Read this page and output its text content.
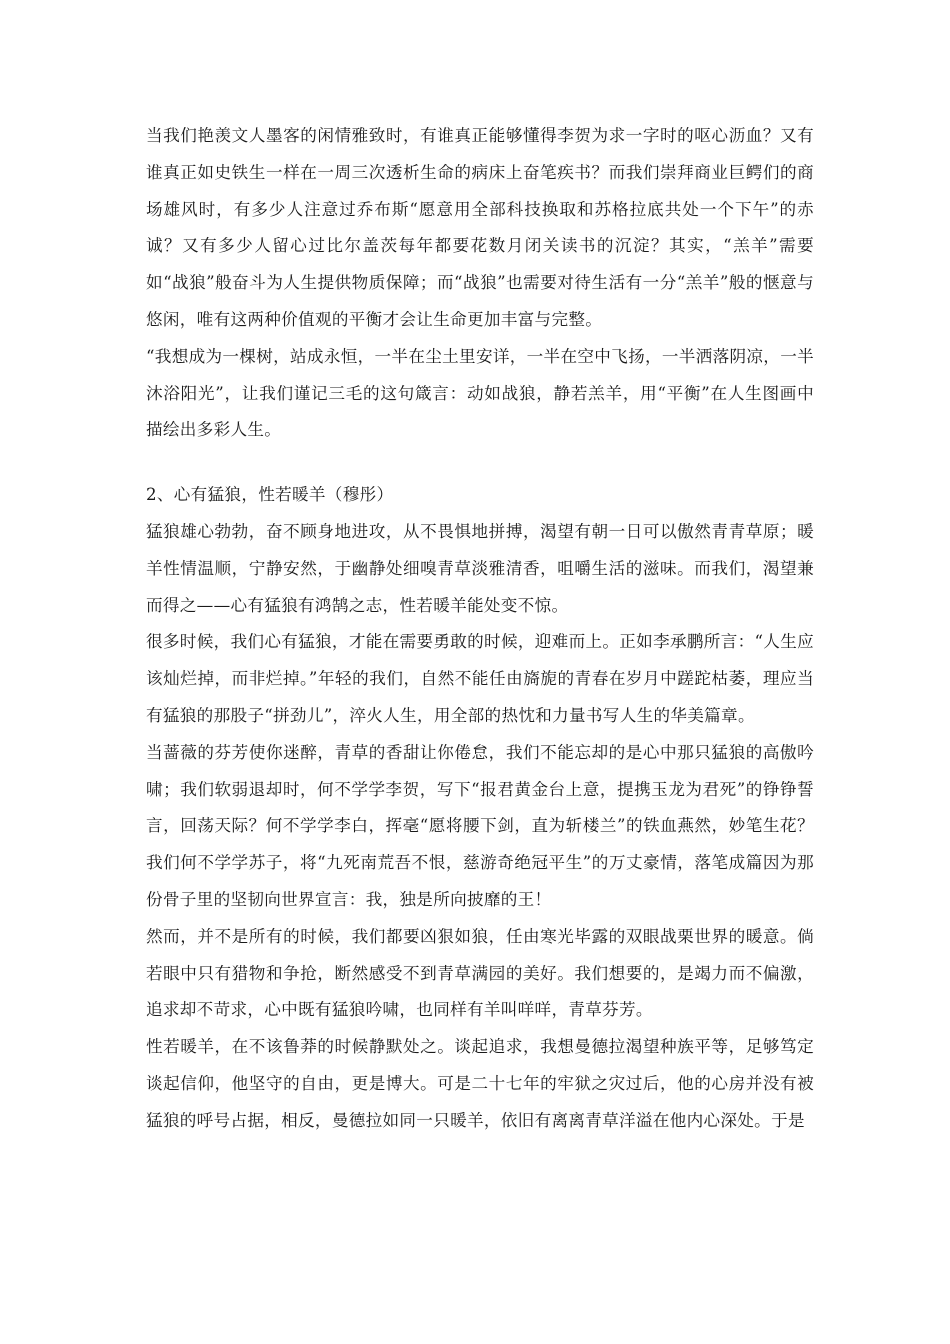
当我们艳羡文人墨客的闲情雅致时，有谁真正能够懂得李贺为求一字时的呕心沥血？又有谁真正如史铁生一样在一周三次透析生命的病床上奋笔疾书？而我们崇拜商业巨鳄们的商场雄风时，有多少人注意过乔布斯“愿意用全部科技换取和苏格拉底共处一个下午”的赤诚？又有多少人留心过比尔盖茨每年都要花数月闭关读书的沉淀？其实，“羔羊”需要如“战狼”般奋斗为人生提供物质保障；而“战狼”也需要对待生活有一分“羔羊”般的惬意与悠闲，唯有这两种价值观的平衡才会让生命更加丰富与完整。

“我想成为一棵树，站成永恒，一半在尘土里安详，一半在空中飞扬，一半洒落阴凉，一半沐浴阳光”，让我们谨记三毛的这句箴言：动如战狼，静若羔羊，用“平衡”在人生图画中描绘出多彩人生。

2、心有猛狼，性若暖羊（穆彤）

猛狼雄心勃勃，奋不顾身地进攻，从不畏惧地拼搏，渴望有朝一日可以傲然青青草原；暖羊性情温顺，宁静安然，于幽静处细嗅青草淡雅清香，咀嚼生活的滋味。而我们，渴望兼而得之——心有猛狼有鸿鹄之志，性若暖羊能处变不惊。

很多时候，我们心有猛狼，才能在需要勇敢的时候，迎难而上。正如李承鹏所言：“人生应该灿烂掉，而非烂掉。”年轻的我们，自然不能任由旖旎的青春在岁月中蹉跎枯萎，理应当有猛狼的那股子“拼劲儿”，淬火人生，用全部的热忱和力量书写人生的华美篇章。

当蔷薇的芬芳使你迷醉，青草的香甜让你倦怠，我们不能忘却的是心中那只猛狼的高傲吟啸；我们软弱退却时，何不学学李贺，写下“报君黄金台上意，提携玉龙为君死”的铮铮誓言，回荡天际？何不学学李白，挥毫“愿将腰下剑，直为斩楼兰”的铁血燕然，妙笔生花？我们何不学学苏子，将“九死南荒吾不恨，慈游奇绝冠平生”的万丈豪情，落笔成篇因为那份骨子里的坚韧向世界宣言：我，独是所向披靡的王！

然而，并不是所有的时候，我们都要凶狠如狼，任由寒光毕露的双眼战栗世界的暖意。倘若眼中只有猎物和争抢，断然感受不到青草满园的美好。我们想要的，是竭力而不偏激，追求却不苛求，心中既有猛狼吟啸，也同样有羊叫咩咩，青草芬芳。

性若暖羊，在不该鲁莽的时候静默处之。谈起追求，我想曼德拉渴望种族平等，足够笃定谈起信仰，他坚守的自由，更是博大。可是二十七年的牢狱之灾过后，他的心房并没有被猛狼的呼号占据，相反，曼德拉如同一只暖羊，依旧有离离青草洋溢在他内心深处。于是
